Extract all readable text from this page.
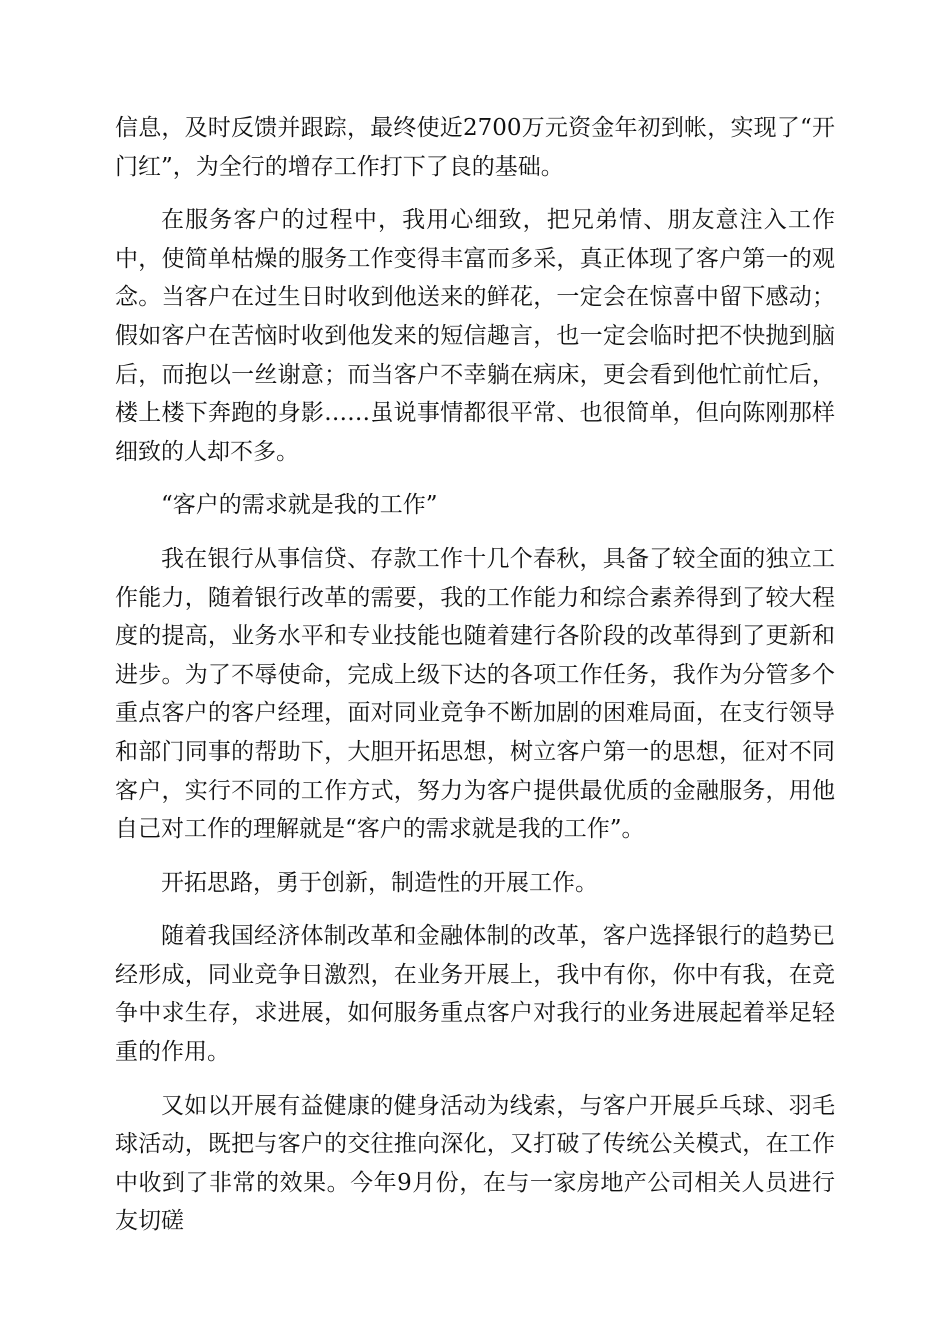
信息，及时反馈并跟踪，最终使近2700万元资金年初到帐，实现了“开门红”，为全行的增存工作打下了良的基础。

在服务客户的过程中，我用心细致，把兄弟情、朋友意注入工作中，使简单枯燥的服务工作变得丰富而多采，真正体现了客户第一的观念。当客户在过生日时收到他送来的鲜花，一定会在惊喜中留下感动；假如客户在苦恼时收到他发来的短信趣言，也一定会临时把不快抛到脑后，而抱以一丝谢意；而当客户不幸躺在病床，更会看到他忙前忙后，楼上楼下奔跑的身影……虽说事情都很平常、也很简单，但向陈刚那样细致的人却不多。

“客户的需求就是我的工作”

我在银行从事信贷、存款工作十几个春秋，具备了较全面的独立工作能力，随着银行改革的需要，我的工作能力和综合素养得到了较大程度的提高，业务水平和专业技能也随着建行各阶段的改革得到了更新和进步。为了不辱使命，完成上级下达的各项工作任务，我作为分管多个重点客户的客户经理，面对同业竞争不断加剧的困难局面，在支行领导和部门同事的帮助下，大胆开拓思想，树立客户第一的思想，征对不同客户，实行不同的工作方式，努力为客户提供最优质的金融服务，用他自己对工作的理解就是“客户的需求就是我的工作”。

开拓思路，勇于创新，制造性的开展工作。

随着我国经济体制改革和金融体制的改革，客户选择银行的趋势已经形成，同业竞争日激烈，在业务开展上，我中有你，你中有我，在竞争中求生存，求进展，如何服务重点客户对我行的业务进展起着举足轻重的作用。

又如以开展有益健康的健身活动为线索，与客户开展乒乓球、羽毛球活动，既把与客户的交往推向深化，又打破了传统公关模式，在工作中收到了非常的效果。今年9月份，在与一家房地产公司相关人员进行友切磋
